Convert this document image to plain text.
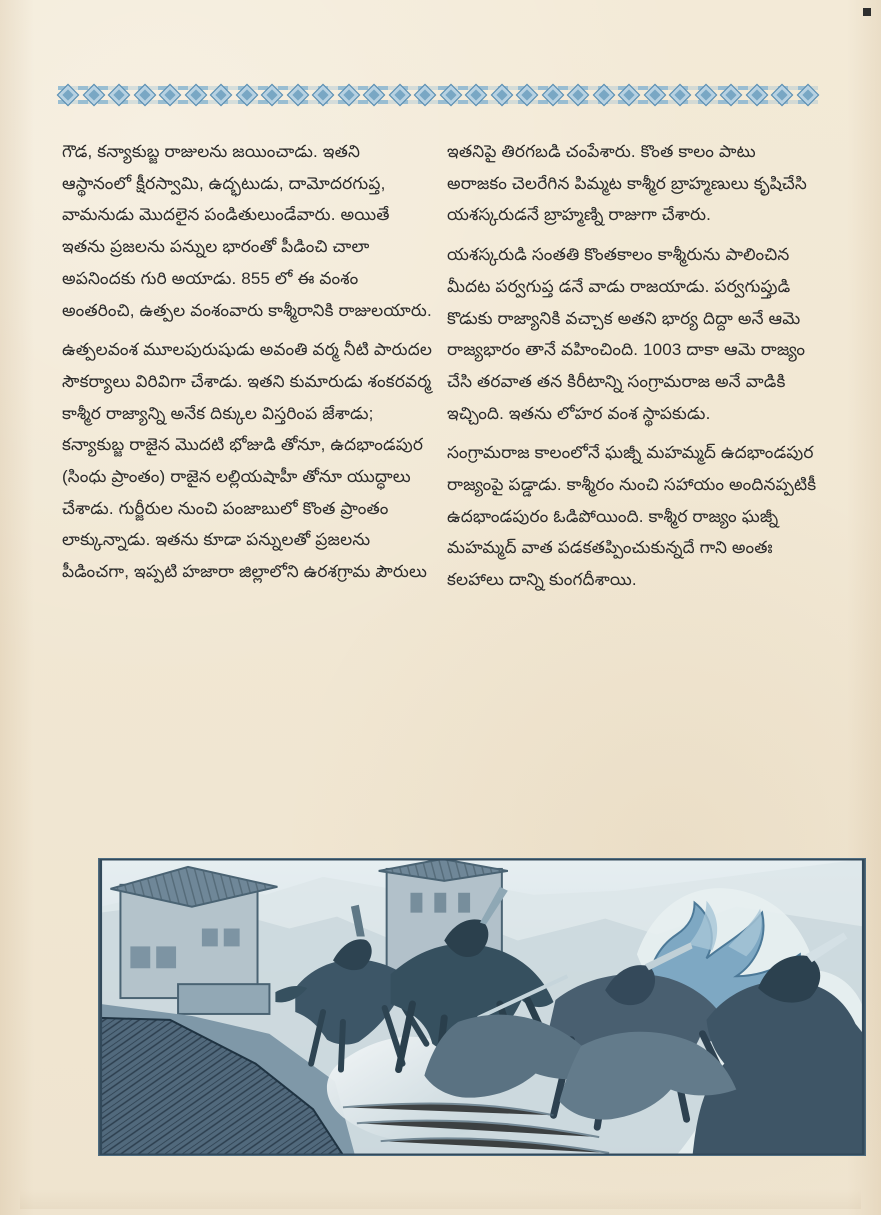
గౌడ, కన్యాకుబ్జ రాజులను జయించాడు. ఇతని ఆస్థానంలో క్షీరస్వామి, ఉద్భటుడు, దామోదరగుప్త, వామనుడు మొదలైన పండితులుండేవారు. అయితే ఇతను ప్రజలను పన్నుల భారంతో పీడించి చాలా అపనిందకు గురి అయాడు. 855 లో ఈ వంశం అంతరించి, ఉత్పల వంశంవారు కాశ్మీరానికి రాజులయారు.

ఉత్పలవంశ మూలపురుషుడు అవంతి వర్మ నీటి పారుదల సౌకర్యాలు విరివిగా చేశాడు. ఇతని కుమారుడు శంకరవర్మ కాశ్మీర రాజ్యాన్ని అనేక దిక్కుల విస్తరింప జేశాడు; కన్యాకుబ్జ రాజైన మొదటి భోజుడి తోనూ, ఉదభాండపుర (సింధు ప్రాంతం) రాజైన లల్లియషాహీ తోనూ యుద్ధాలు చేశాడు. గుర్జీరుల నుంచి పంజాబులో కొంత ప్రాంతం లాక్కున్నాడు. ఇతను కూడా పన్నులతో ప్రజలను పీడించగా, ఇప్పటి హజారా జిల్లాలోని ఉరశగ్రామ పౌరులు

ఇతనిపై తిరగబడి చంపేశారు. కొంత కాలం పాటు అరాజకం చెలరేగిన పిమ్మట కాశ్మీర బ్రాహ్మణులు కృషిచేసి యశస్కరుడనే బ్రాహ్మణ్ని రాజుగా చేశారు.

యశస్కరుడి సంతతి కొంతకాలం కాశ్మీరును పాలించిన మీదట పర్వగుప్త డనే వాడు రాజయాడు. పర్వగుప్తుడి కొడుకు రాజ్యానికి వచ్చాక అతని భార్య దిద్దా అనే ఆమె రాజ్యభారం తానే వహించింది. 1003 దాకా ఆమె రాజ్యం చేసి తరవాత తన కిరీటాన్ని సంగ్రామరాజ అనే వాడికి ఇచ్చింది. ఇతను లోహర వంశ స్థాపకుడు.

సంగ్రామరాజ కాలంలోనే ఘజ్నీ మహమ్మద్ ఉదభాండపుర రాజ్యంపై పడ్డాడు. కాశ్మీరం నుంచి సహాయం అందినప్పటికీ ఉదభాండపురం ఓడిపోయింది. కాశ్మీర రాజ్యం ఘజ్నీ మహమ్మద్ వాత పడకతప్పించుకున్నదే గాని అంతః కలహాలు దాన్ని కుంగదీశాయి.
